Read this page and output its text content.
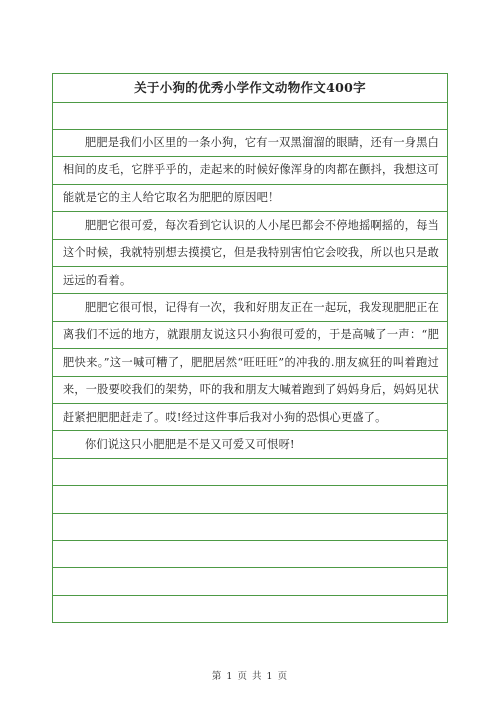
关于小狗的优秀小学作文动物作文400字
肥肥是我们小区里的一条小狗，它有一双黑溜溜的眼睛，还有一身黑白相间的皮毛，它胖乎乎的，走起来的时候好像浑身的肉都在颤抖，我想这可能就是它的主人给它取名为肥肥的原因吧！
肥肥它很可爱，每次看到它认识的人小尾巴都会不停地摇啊摇的，每当这个时候，我就特别想去摸摸它，但是我特别害怕它会咬我，所以也只是敢远远的看着。
肥肥它很可恨，记得有一次，我和好朋友正在一起玩，我发现肥肥正在离我们不远的地方，就跟朋友说这只小狗很可爱的，于是高喊了一声：“肥肥快来。”这一喊可糟了，肥肥居然“旺旺旺”的冲我的.朋友疯狂的叫着跑过来，一股要咬我们的架势，吓的我和朋友大喊着跑到了妈妈身后，妈妈见状赶紧把肥肥赶走了。哎!经过这件事后我对小狗的恐惧心更盛了。
你们说这只小肥肥是不是又可爱又可恨呀!
第 1 页 共 1 页
